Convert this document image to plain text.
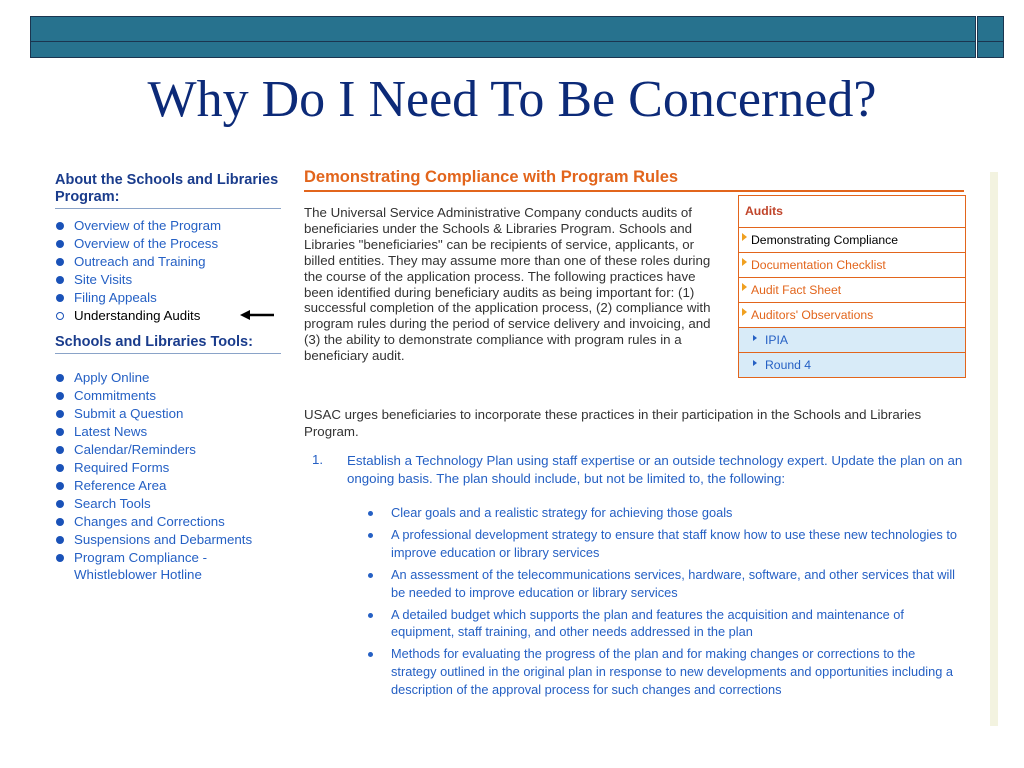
Why Do I Need To Be Concerned?
About the Schools and Libraries Program:
Overview of the Program
Overview of the Process
Outreach and Training
Site Visits
Filing Appeals
Understanding Audits
Schools and Libraries Tools:
Apply Online
Commitments
Submit a Question
Latest News
Calendar/Reminders
Required Forms
Reference Area
Search Tools
Changes and Corrections
Suspensions and Debarments
Program Compliance - Whistleblower Hotline
Demonstrating Compliance with Program Rules
The Universal Service Administrative Company conducts audits of beneficiaries under the Schools & Libraries Program. Schools and Libraries "beneficiaries" can be recipients of service, applicants, or billed entities. They may assume more than one of these roles during the course of the application process. The following practices have been identified during beneficiary audits as being important for: (1) successful completion of the application process, (2) compliance with program rules during the period of service delivery and invoicing, and (3) the ability to demonstrate compliance with program rules in a beneficiary audit.
Audits
Demonstrating Compliance
Documentation Checklist
Audit Fact Sheet
Auditors' Observations
IPIA
Round 4
USAC urges beneficiaries to incorporate these practices in their participation in the Schools and Libraries Program.
1. Establish a Technology Plan using staff expertise or an outside technology expert. Update the plan on an ongoing basis. The plan should include, but not be limited to, the following:
Clear goals and a realistic strategy for achieving those goals
A professional development strategy to ensure that staff know how to use these new technologies to improve education or library services
An assessment of the telecommunications services, hardware, software, and other services that will be needed to improve education or library services
A detailed budget which supports the plan and features the acquisition and maintenance of equipment, staff training, and other needs addressed in the plan
Methods for evaluating the progress of the plan and for making changes or corrections to the strategy outlined in the original plan in response to new developments and opportunities including a description of the approval process for such changes and corrections
